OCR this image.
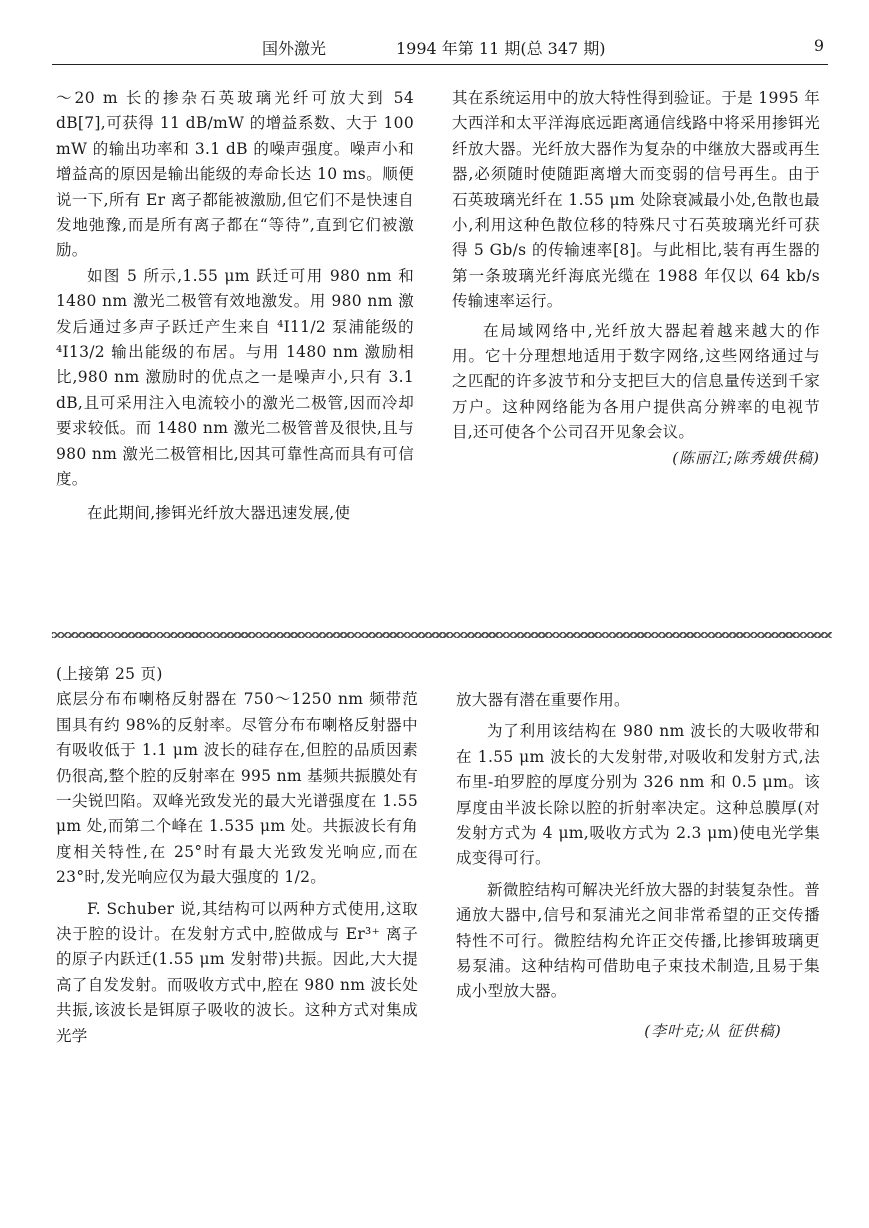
国外激光	1994 年第 11 期(总 347 期)	9

～20 m 长的掺杂石英玻璃光纤可放大到 54 dB[7],可获得 11 dB/mW 的增益系数、大于 100 mW 的输出功率和 3.1 dB 的噪声强度。噪声小和增益高的原因是输出能级的寿命长达 10 ms。顺便说一下,所有 Er 离子都能被激励,但它们不是快速自发地弛豫,而是所有离子都在“等待”,直到它们被激励。

如图 5 所示,1.55 μm 跃迁可用 980 nm 和 1480 nm 激光二极管有效地激发。用 980 nm 激发后通过多声子跃迁产生来自 ⁴I11/2 泵浦能级的 ⁴I13/2 输出能级的布居。与用 1480 nm 激励相比,980 nm 激励时的优点之一是噪声小,只有 3.1 dB,且可采用注入电流较小的激光二极管,因而冷却要求较低。而 1480 nm 激光二极管普及很快,且与 980 nm 激光二极管相比,因其可靠性高而具有可信度。

在此期间,掺铒光纤放大器迅速发展,使

其在系统运用中的放大特性得到验证。于是 1995 年大西洋和太平洋海底远距离通信线路中将采用掺铒光纤放大器。光纤放大器作为复杂的中继放大器或再生器,必须随时使随距离增大而变弱的信号再生。由于石英玻璃光纤在 1.55 μm 处除衰减最小处,色散也最小,利用这种色散位移的特殊尺寸石英玻璃光纤可获得 5 Gb/s 的传输速率[8]。与此相比,装有再生器的第一条玻璃光纤海底光缆在 1988 年仅以 64 kb/s 传输速率运行。

在局域网络中,光纤放大器起着越来越大的作用。它十分理想地适用于数字网络,这些网络通过与之匹配的许多波节和分支把巨大的信息量传送到千家万户。这种网络能为各用户提供高分辨率的电视节目,还可使各个公司召开见象会议。

(陈丽江;陈秀娥供稿)

(上接第 25 页)

底层分布布喇格反射器在 750～1250 nm 频带范围具有约 98%的反射率。尽管分布布喇格反射器中有吸收低于 1.1 μm 波长的硅存在,但腔的品质因素仍很高,整个腔的反射率在 995 nm 基频共振膜处有一尖锐凹陷。双峰光致发光的最大光谱强度在 1.55 μm 处,而第二个峰在 1.535 μm 处。共振波长有角度相关特性,在 25°时有最大光致发光响应,而在 23°时,发光响应仅为最大强度的 1/2。

F. Schuber 说,其结构可以两种方式使用,这取决于腔的设计。在发射方式中,腔做成与 Er³⁺ 离子的原子内跃迁(1.55 μm 发射带)共振。因此,大大提高了自发发射。而吸收方式中,腔在 980 nm 波长处共振,该波长是铒原子吸收的波长。这种方式对集成光学

放大器有潜在重要作用。

为了利用该结构在 980 nm 波长的大吸收带和在 1.55 μm 波长的大发射带,对吸收和发射方式,法布里-珀罗腔的厚度分别为 326 nm 和 0.5 μm。该厚度由半波长除以腔的折射率决定。这种总膜厚(对发射方式为 4 μm,吸收方式为 2.3 μm)使电光学集成变得可行。

新微腔结构可解决光纤放大器的封装复杂性。普通放大器中,信号和泵浦光之间非常希望的正交传播特性不可行。微腔结构允许正交传播,比掺铒玻璃更易泵浦。这种结构可借助电子束技术制造,且易于集成小型放大器。

(李叶克;从 征供稿)
